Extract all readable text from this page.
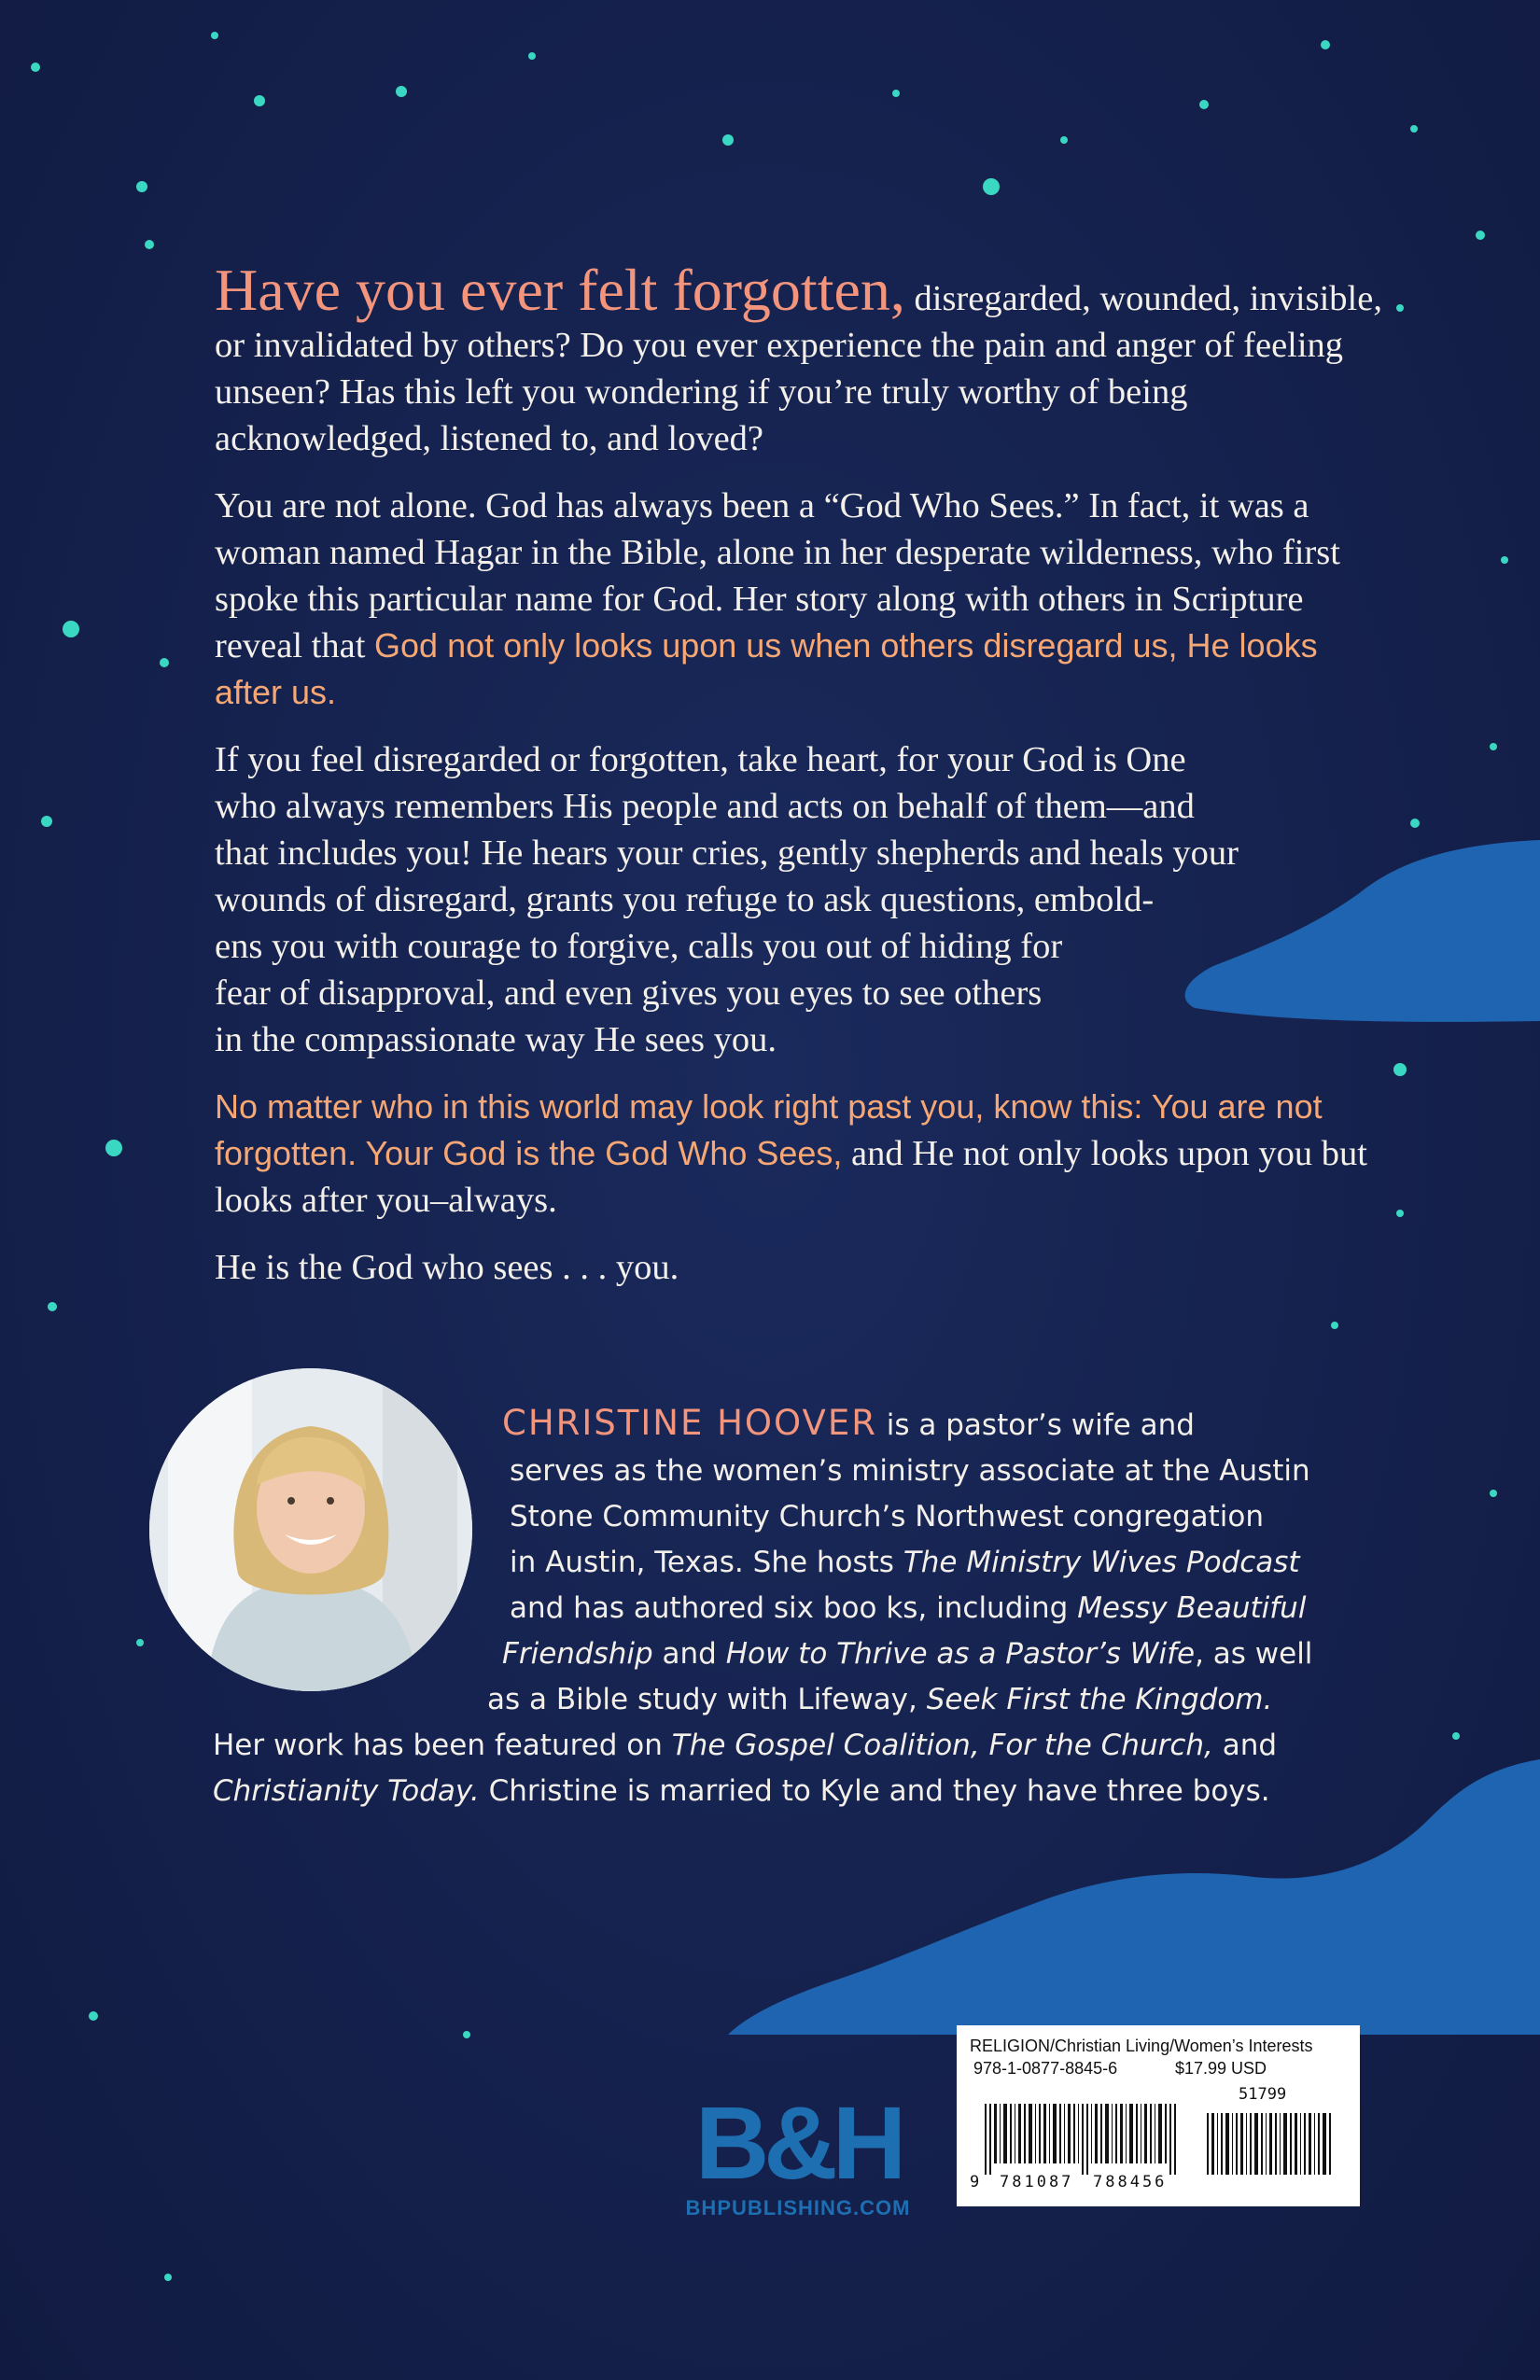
Have you ever felt forgotten, disregarded, wounded, invisible, or invalidated by others? Do you ever experience the pain and anger of feeling unseen? Has this left you wondering if you’re truly worthy of being acknowledged, listened to, and loved?

You are not alone. God has always been a “God Who Sees.” In fact, it was a woman named Hagar in the Bible, alone in her desperate wilderness, who first spoke this particular name for God. Her story along with others in Scripture reveal that God not only looks upon us when others disregard us, He looks after us.

If you feel disregarded or forgotten, take heart, for your God is One
who always remembers His people and acts on behalf of them—and
that includes you! He hears your cries, gently shepherds and heals your
wounds of disregard, grants you refuge to ask questions, embold-
ens you with courage to forgive, calls you out of hiding for
fear of disapproval, and even gives you eyes to see others
in the compassionate way He sees you.

No matter who in this world may look right past you, know this: You are not forgotten. Your God is the God Who Sees, and He not only looks upon you but looks after you–always.

He is the God who sees . . . you.

CHRISTINE HOOVER is a pastor’s wife and
serves as the women’s ministry associate at the Austin
Stone Community Church’s Northwest congregation
in Austin, Texas. She hosts The Ministry Wives Podcast
and has authored six boo ks, including Messy Beautiful
Friendship and How to Thrive as a Pastor’s Wife, as well
as a Bible study with Lifeway, Seek First the Kingdom.
Her work has been featured on The Gospel Coalition, For the Church, and
Christianity Today. Christine is married to Kyle and they have three boys.
B&H
BHPUBLISHING.COM
RELIGION/Christian Living/Women’s Interests
978-1-0877-8845-6	$17.99 USD
51799
9 781087 788456
